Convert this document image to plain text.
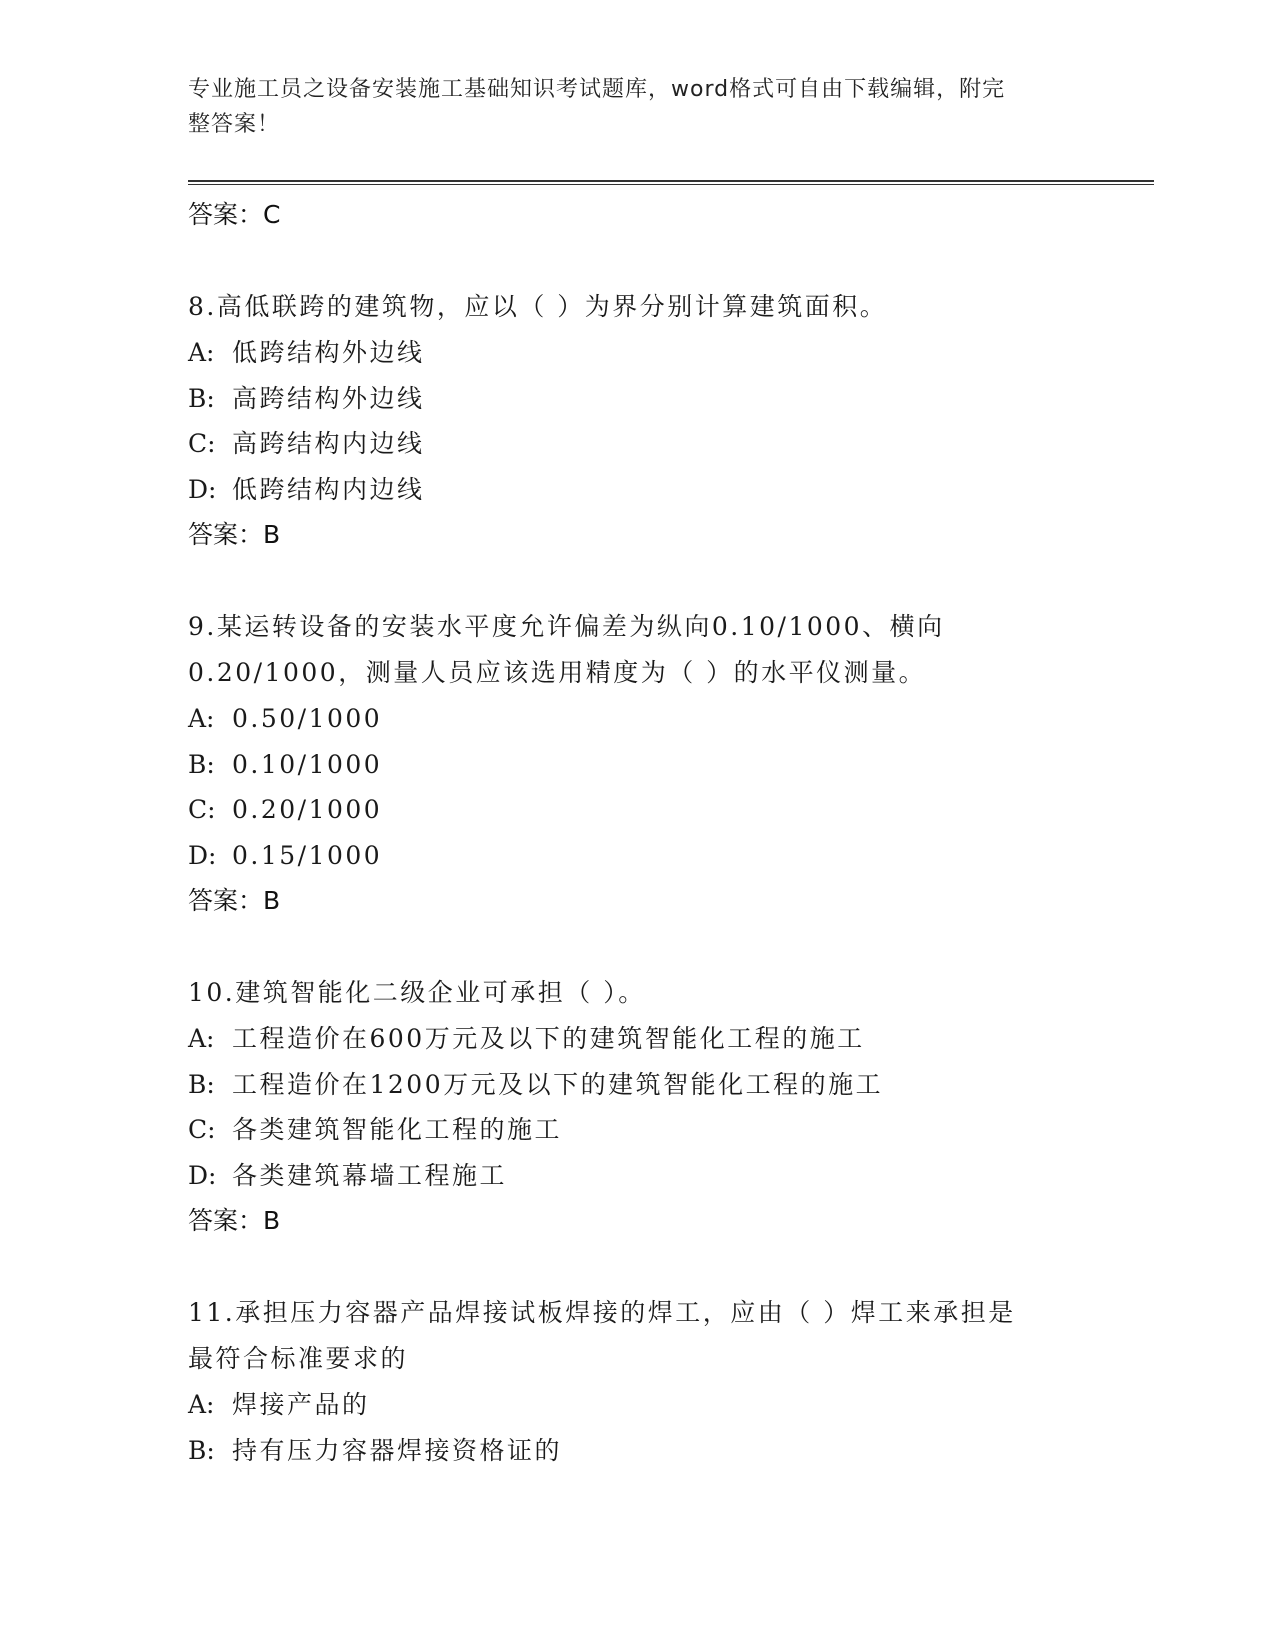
专业施工员之设备安装施工基础知识考试题库，word格式可自由下载编辑，附完
整答案！
答案：C
8.高低联跨的建筑物，应以（ ）为界分别计算建筑面积。
A: 低跨结构外边线
B: 高跨结构外边线
C: 高跨结构内边线
D: 低跨结构内边线
答案：B
9.某运转设备的安装水平度允许偏差为纵向0.10/1000、横向
0.20/1000，测量人员应该选用精度为（ ）的水平仪测量。
A: 0.50/1000
B: 0.10/1000
C: 0.20/1000
D: 0.15/1000
答案：B
10.建筑智能化二级企业可承担（ ）。
A: 工程造价在600万元及以下的建筑智能化工程的施工
B: 工程造价在1200万元及以下的建筑智能化工程的施工
C: 各类建筑智能化工程的施工
D: 各类建筑幕墙工程施工
答案：B
11.承担压力容器产品焊接试板焊接的焊工，应由（ ）焊工来承担是
最符合标准要求的
A: 焊接产品的
B: 持有压力容器焊接资格证的
